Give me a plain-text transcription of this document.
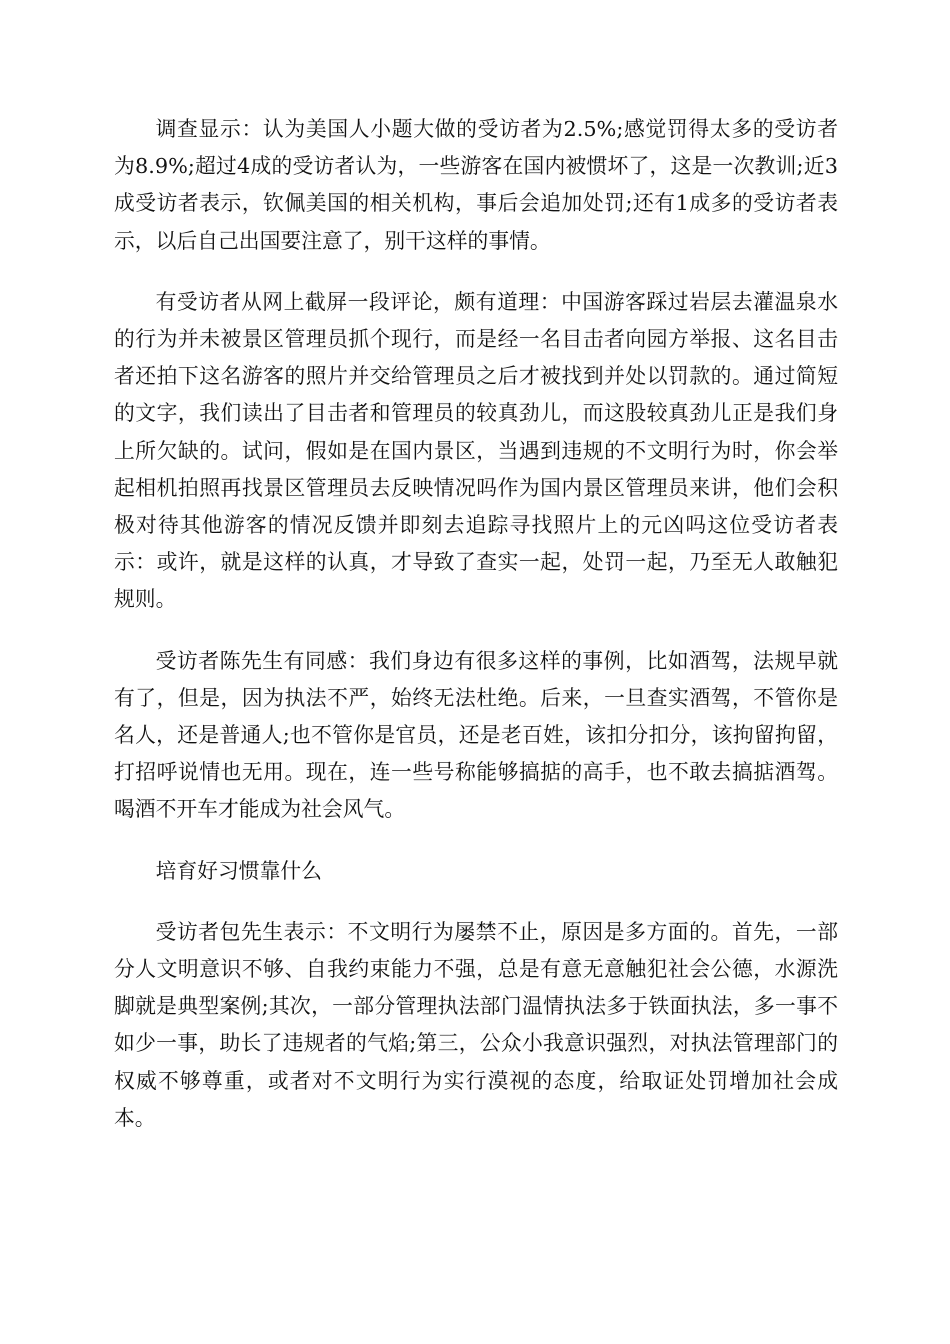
调查显示：认为美国人小题大做的受访者为2.5%;感觉罚得太多的受访者为8.9%;超过4成的受访者认为，一些游客在国内被惯坏了，这是一次教训;近3成受访者表示，钦佩美国的相关机构，事后会追加处罚;还有1成多的受访者表示，以后自己出国要注意了，别干这样的事情。

有受访者从网上截屏一段评论，颇有道理：中国游客踩过岩层去灌温泉水的行为并未被景区管理员抓个现行，而是经一名目击者向园方举报、这名目击者还拍下这名游客的照片并交给管理员之后才被找到并处以罚款的。通过简短的文字，我们读出了目击者和管理员的较真劲儿，而这股较真劲儿正是我们身上所欠缺的。试问，假如是在国内景区，当遇到违规的不文明行为时，你会举起相机拍照再找景区管理员去反映情况吗作为国内景区管理员来讲，他们会积极对待其他游客的情况反馈并即刻去追踪寻找照片上的元凶吗这位受访者表示：或许，就是这样的认真，才导致了查实一起，处罚一起，乃至无人敢触犯规则。

受访者陈先生有同感：我们身边有很多这样的事例，比如酒驾，法规早就有了，但是，因为执法不严，始终无法杜绝。后来，一旦查实酒驾，不管你是名人，还是普通人;也不管你是官员，还是老百姓，该扣分扣分，该拘留拘留，打招呼说情也无用。现在，连一些号称能够搞掂的高手，也不敢去搞掂酒驾。喝酒不开车才能成为社会风气。

培育好习惯靠什么

受访者包先生表示：不文明行为屡禁不止，原因是多方面的。首先，一部分人文明意识不够、自我约束能力不强，总是有意无意触犯社会公德，水源洗脚就是典型案例;其次，一部分管理执法部门温情执法多于铁面执法，多一事不如少一事，助长了违规者的气焰;第三，公众小我意识强烈，对执法管理部门的权威不够尊重，或者对不文明行为实行漠视的态度，给取证处罚增加社会成本。
